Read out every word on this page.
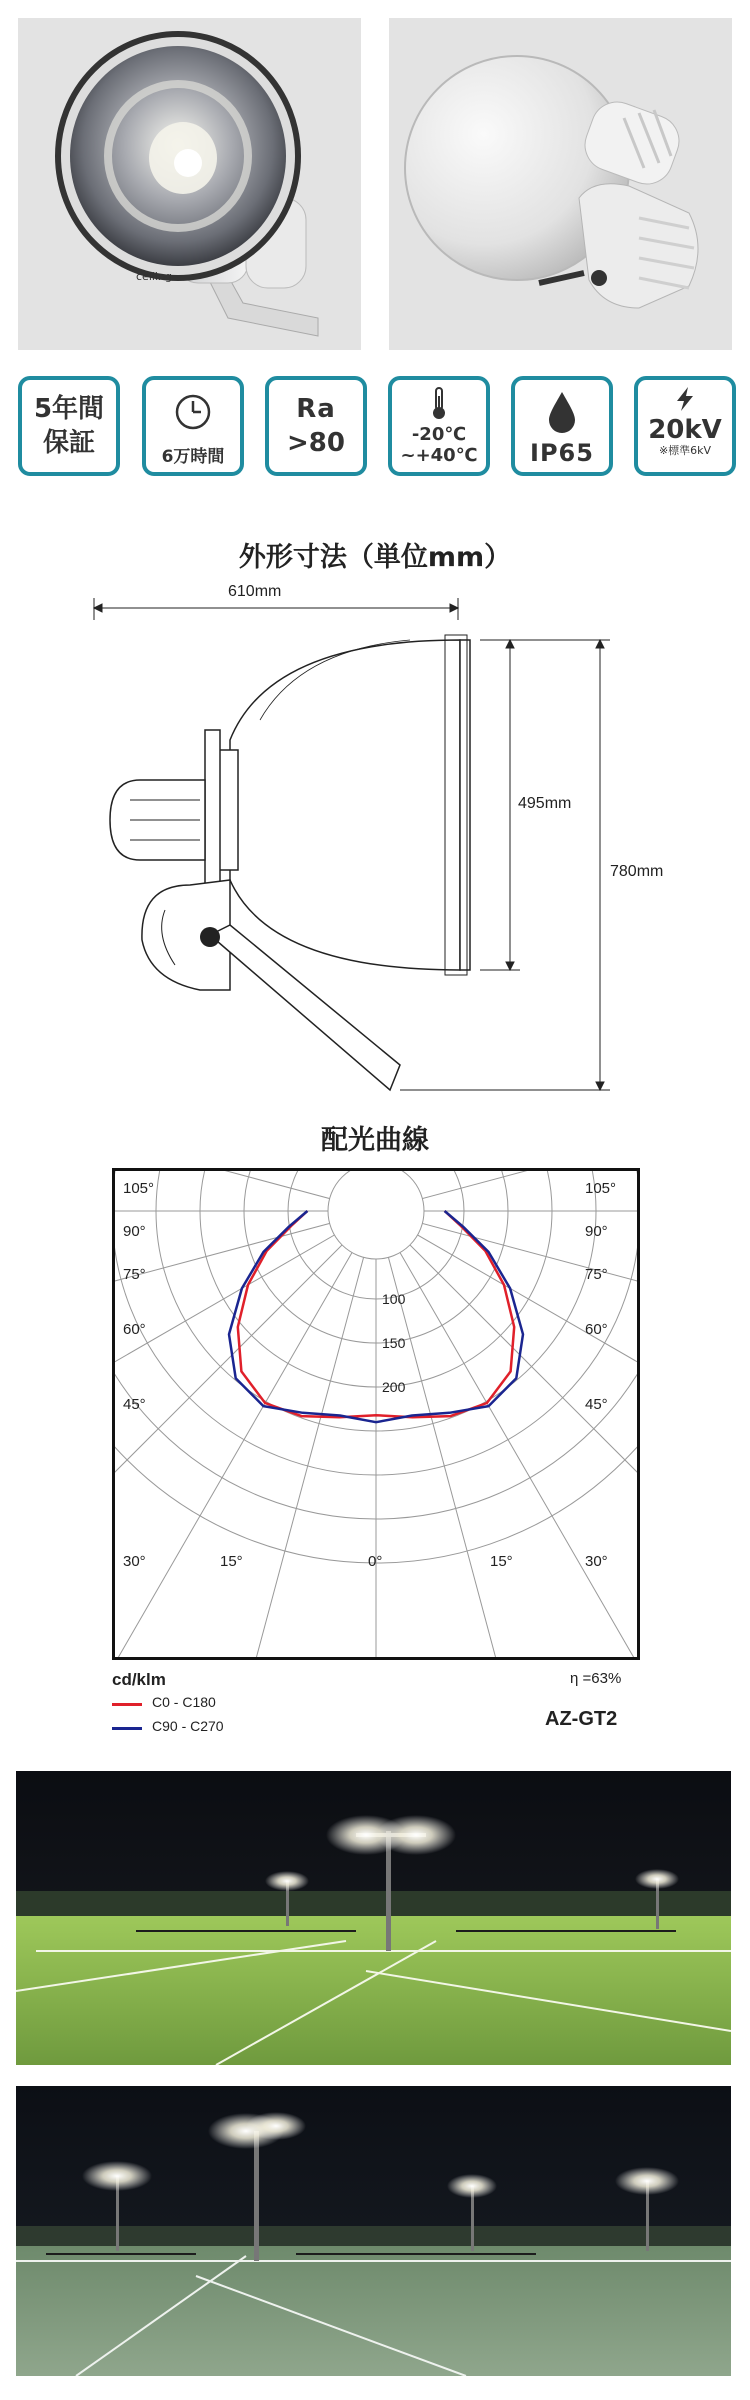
ceiling
5年間
保証	6万時間
Ra
>80	-20℃
~+40℃	IP65
20kV
※標準6kV
外形寸法（単位mm）
610mm
495mm
780mm
配光曲線
100
150
200
105°
90°
75°
60°
45°
30°	15°
105°
90°
75°
60°
45°
30°
15°
0°
cd/klm	η =63%
C0 - C180
C90 - C270	AZ-GT2
